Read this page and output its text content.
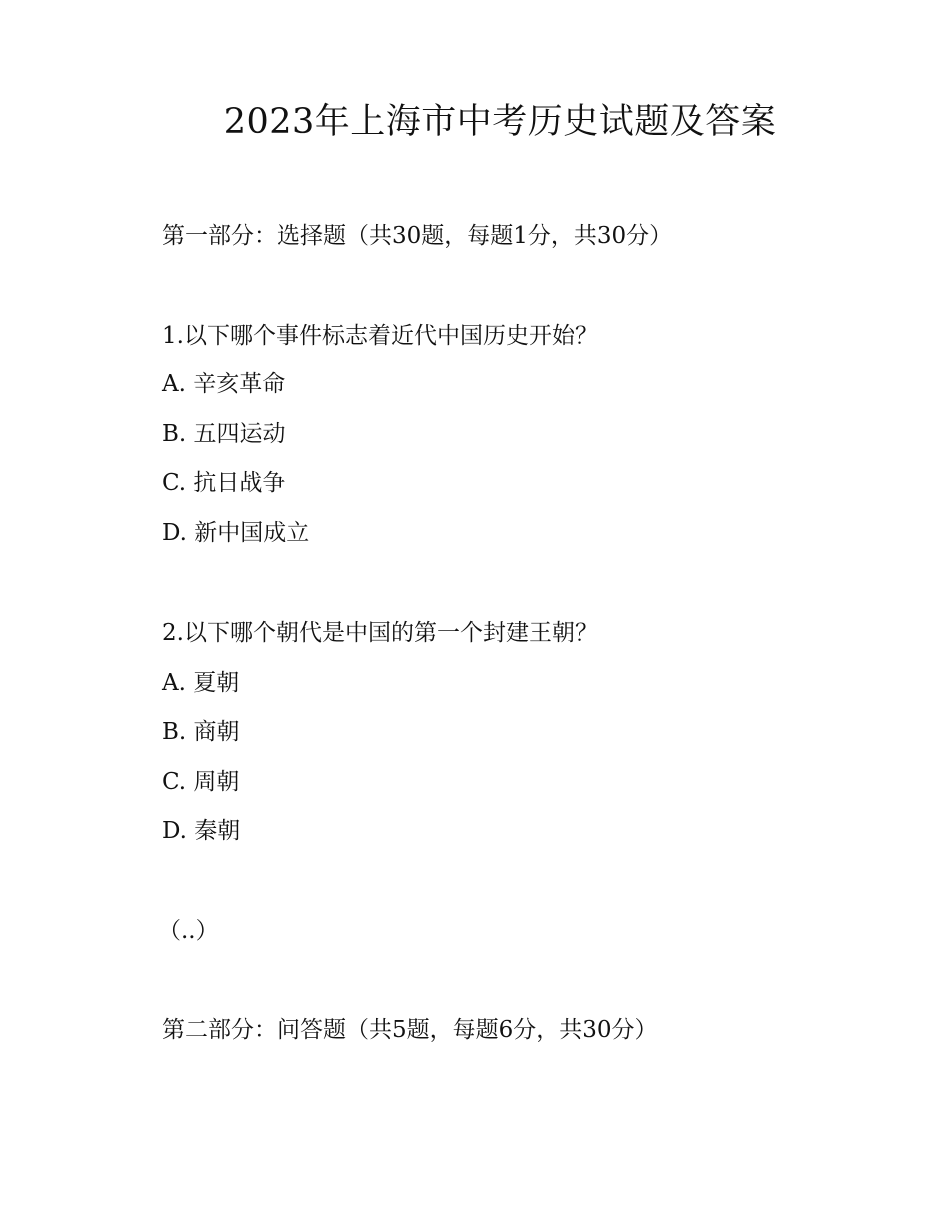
2023年上海市中考历史试题及答案

第一部分：选择题（共30题，每题1分，共30分）

1.以下哪个事件标志着近代中国历史开始？

A. 辛亥革命

B. 五四运动

C. 抗日战争

D. 新中国成立

2.以下哪个朝代是中国的第一个封建王朝？

A. 夏朝

B. 商朝

C. 周朝

D. 秦朝

（..）

第二部分：问答题（共5题，每题6分，共30分）
